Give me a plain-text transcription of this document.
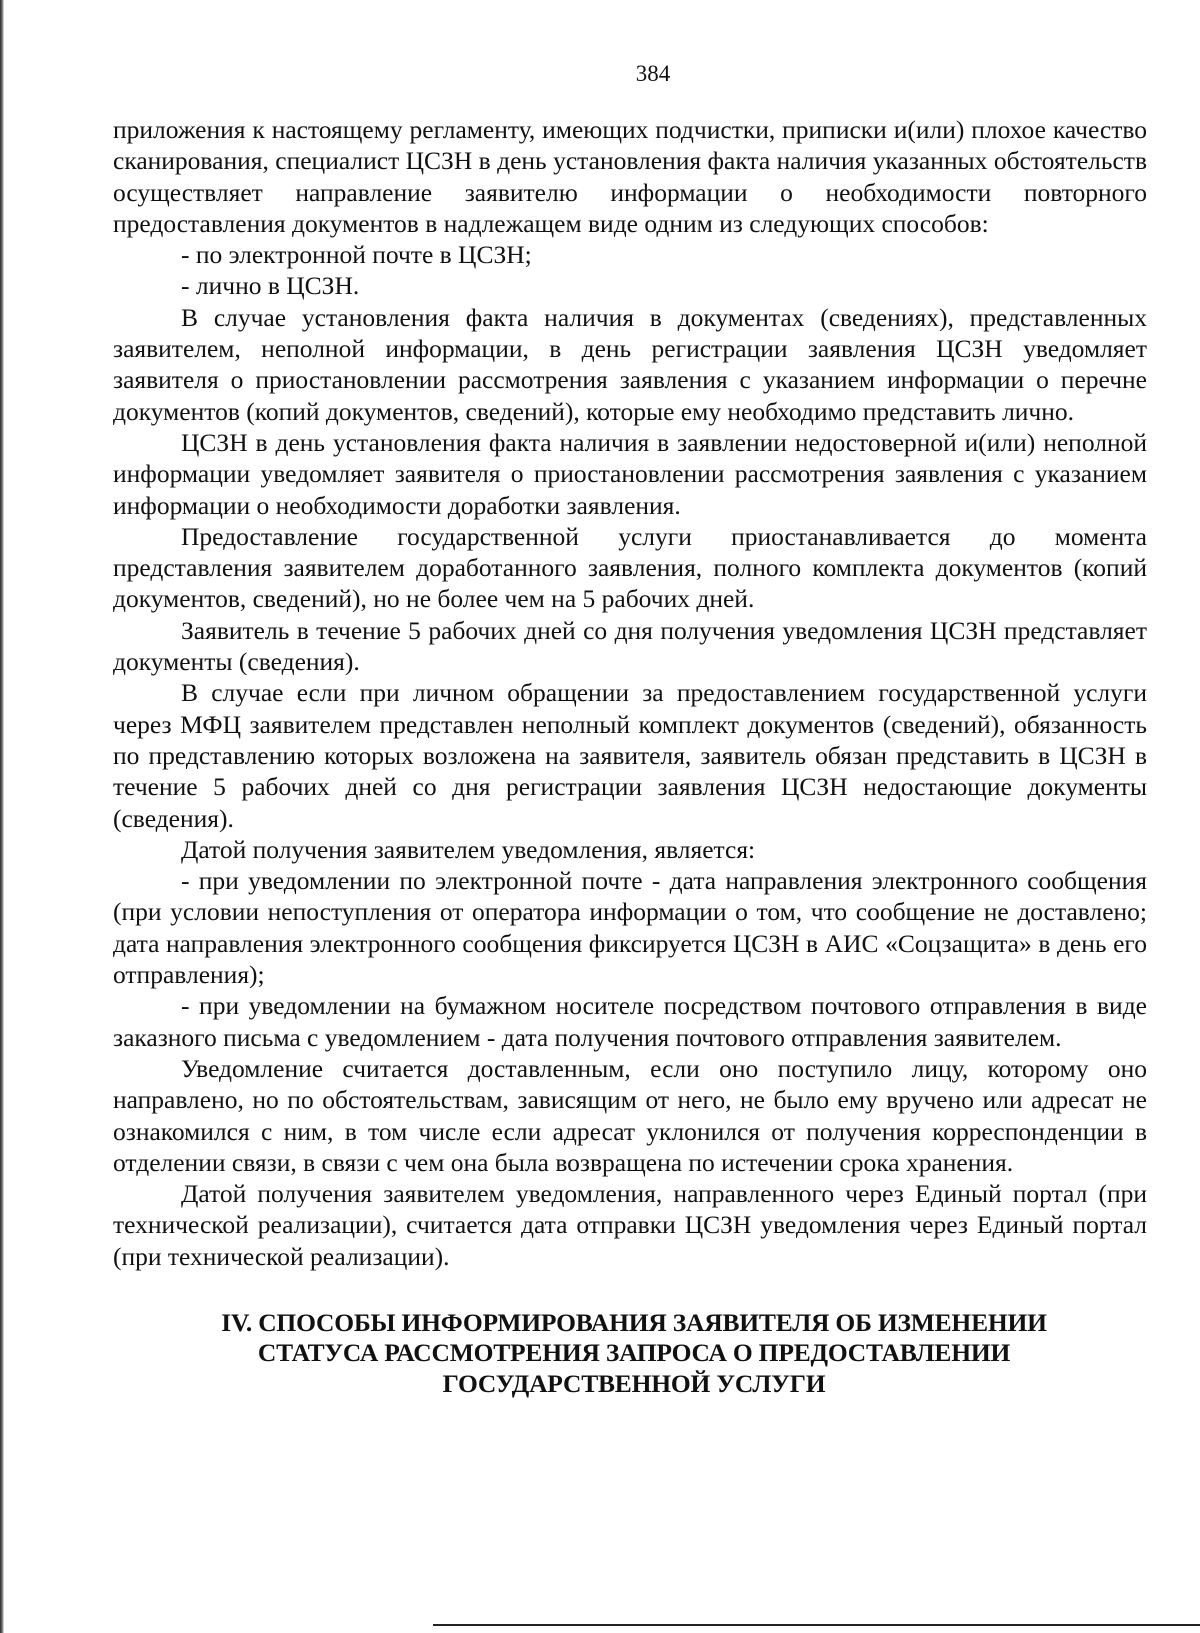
384

приложения к настоящему регламенту, имеющих подчистки, приписки и(или) плохое качество сканирования, специалист ЦСЗН в день установления факта наличия указанных обстоятельств осуществляет направление заявителю информации о необходимости повторного предоставления документов в надлежащем виде одним из следующих способов:

- по электронной почте в ЦСЗН;

- лично в ЦСЗН.

В случае установления факта наличия в документах (сведениях), представленных заявителем, неполной информации, в день регистрации заявления ЦСЗН уведомляет заявителя о приостановлении рассмотрения заявления с указанием информации о перечне документов (копий документов, сведений), которые ему необходимо представить лично.

ЦСЗН в день установления факта наличия в заявлении недостоверной и(или) неполной информации уведомляет заявителя о приостановлении рассмотрения заявления с указанием информации о необходимости доработки заявления.

Предоставление государственной услуги приостанавливается до момента представления заявителем доработанного заявления, полного комплекта документов (копий документов, сведений), но не более чем на 5 рабочих дней.

Заявитель в течение 5 рабочих дней со дня получения уведомления ЦСЗН представляет документы (сведения).

В случае если при личном обращении за предоставлением государственной услуги через МФЦ заявителем представлен неполный комплект документов (сведений), обязанность по представлению которых возложена на заявителя, заявитель обязан представить в ЦСЗН в течение 5 рабочих дней со дня регистрации заявления ЦСЗН недостающие документы (сведения).

Датой получения заявителем уведомления, является:

- при уведомлении по электронной почте - дата направления электронного сообщения (при условии непоступления от оператора информации о том, что сообщение не доставлено; дата направления электронного сообщения фиксируется ЦСЗН в АИС «Соцзащита» в день его отправления);

- при уведомлении на бумажном носителе посредством почтового отправления в виде заказного письма с уведомлением - дата получения почтового отправления заявителем.

Уведомление считается доставленным, если оно поступило лицу, которому оно направлено, но по обстоятельствам, зависящим от него, не было ему вручено или адресат не ознакомился с ним, в том числе если адресат уклонился от получения корреспонденции в отделении связи, в связи с чем она была возвращена по истечении срока хранения.

Датой получения заявителем уведомления, направленного через Единый портал (при технической реализации), считается дата отправки ЦСЗН уведомления через Единый портал (при технической реализации).

IV. СПОСОБЫ ИНФОРМИРОВАНИЯ ЗАЯВИТЕЛЯ ОБ ИЗМЕНЕНИИ
СТАТУСА РАССМОТРЕНИЯ ЗАПРОСА О ПРЕДОСТАВЛЕНИИ
ГОСУДАРСТВЕННОЙ УСЛУГИ
